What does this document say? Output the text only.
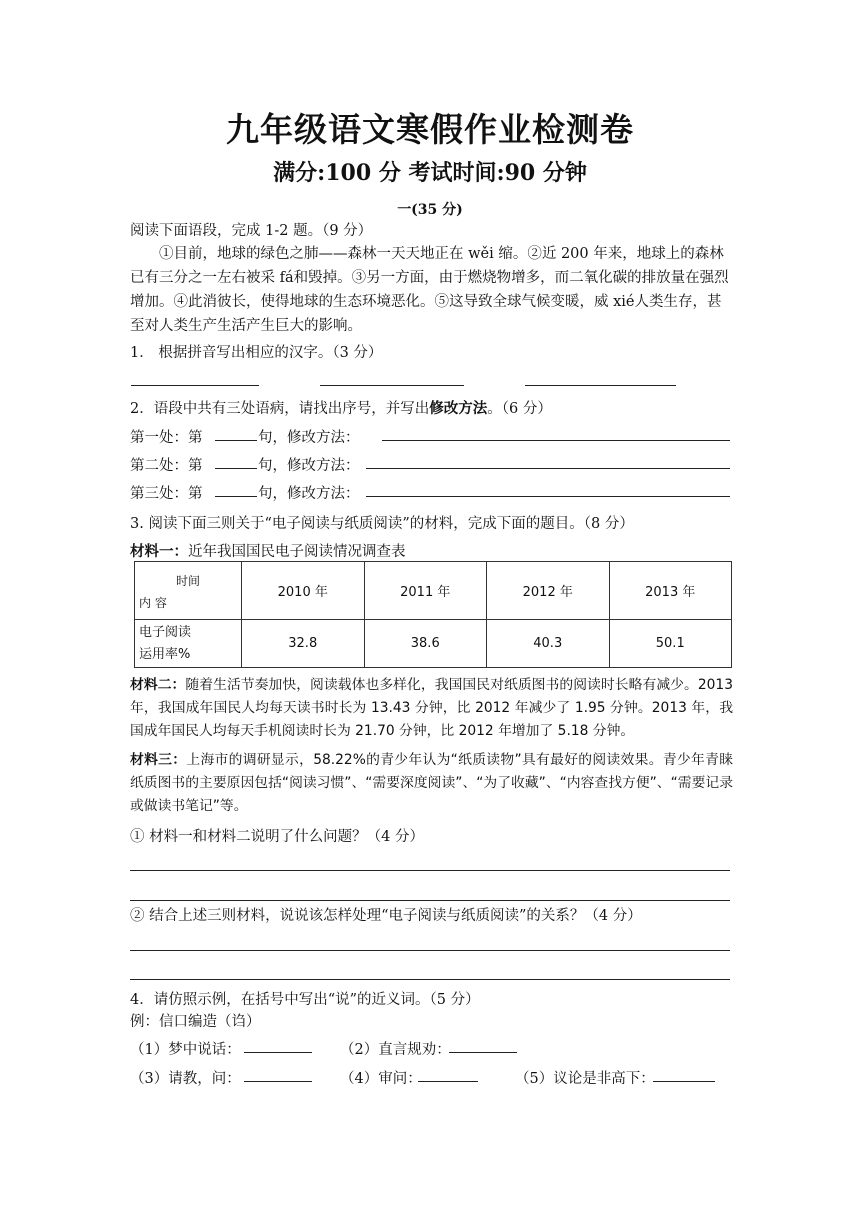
九年级语文寒假作业检测卷
满分:100 分 考试时间:90 分钟
一(35 分)
阅读下面语段，完成 1-2 题。（9 分）
①目前，地球的绿色之肺——森林一天天地正在 wěi 缩。②近 200 年来，地球上的森林已有三分之一左右被采 fá和毁掉。③另一方面，由于燃烧物增多，而二氧化碳的排放量在强烈增加。④此消彼长，使得地球的生态环境恶化。⑤这导致全球气候变暖，威 xié人类生存，甚至对人类生产生活产生巨大的影响。
1． 根据拼音写出相应的汉字。（3 分）
2．语段中共有三处语病，请找出序号，并写出修改方法。（6 分）
第一处：第	句，修改方法：
第二处：第	句，修改方法：
第三处：第	句，修改方法：
3. 阅读下面三则关于“电子阅读与纸质阅读”的材料，完成下面的题目。（8 分）
材料一：近年我国国民电子阅读情况调查表
时间
内 容	2010 年	2011 年	2012 年	2013 年

电子阅读
运用率%	32.8	38.6	40.3	50.1
材料二：随着生活节奏加快，阅读载体也多样化，我国国民对纸质图书的阅读时长略有减少。2013 年，我国成年国民人均每天读书时长为 13.43 分钟，比 2012 年减少了 1.95 分钟。2013 年，我国成年国民人均每天手机阅读时长为 21.70 分钟，比 2012 年增加了 5.18 分钟。
材料三：上海市的调研显示，58.22%的青少年认为“纸质读物”具有最好的阅读效果。青少年青睐纸质图书的主要原因包括“阅读习惯”、“需要深度阅读”、“为了收藏”、“内容查找方便”、“需要记录或做读书笔记”等。
① 材料一和材料二说明了什么问题？（4 分）
② 结合上述三则材料，说说该怎样处理“电子阅读与纸质阅读”的关系？（4 分）
4．请仿照示例，在括号中写出“说”的近义词。（5 分）
例：信口编造（诌）
（1）梦中说话：	（2）直言规劝：
（3）请教，问：	（4）审问：	（5）议论是非高下：
